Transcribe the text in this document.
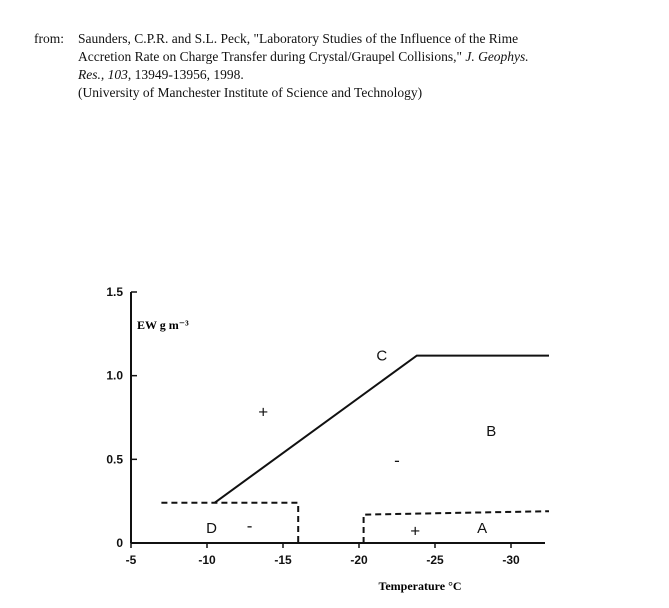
from:	Saunders, C.P.R. and S.L. Peck, "Laboratory Studies of the Influence of the Rime
Accretion Rate on Charge Transfer during Crystal/Graupel Collisions," J. Geophys.
Res., 103, 13949-13956, 1998.
(University of Manchester Institute of Science and Technology)
-5	-10	-15	-20	-25	-30
0
0.5
1.0
1.5
C
+
B
-
D -	+	A
EW g m⁻³
Temperature °C
